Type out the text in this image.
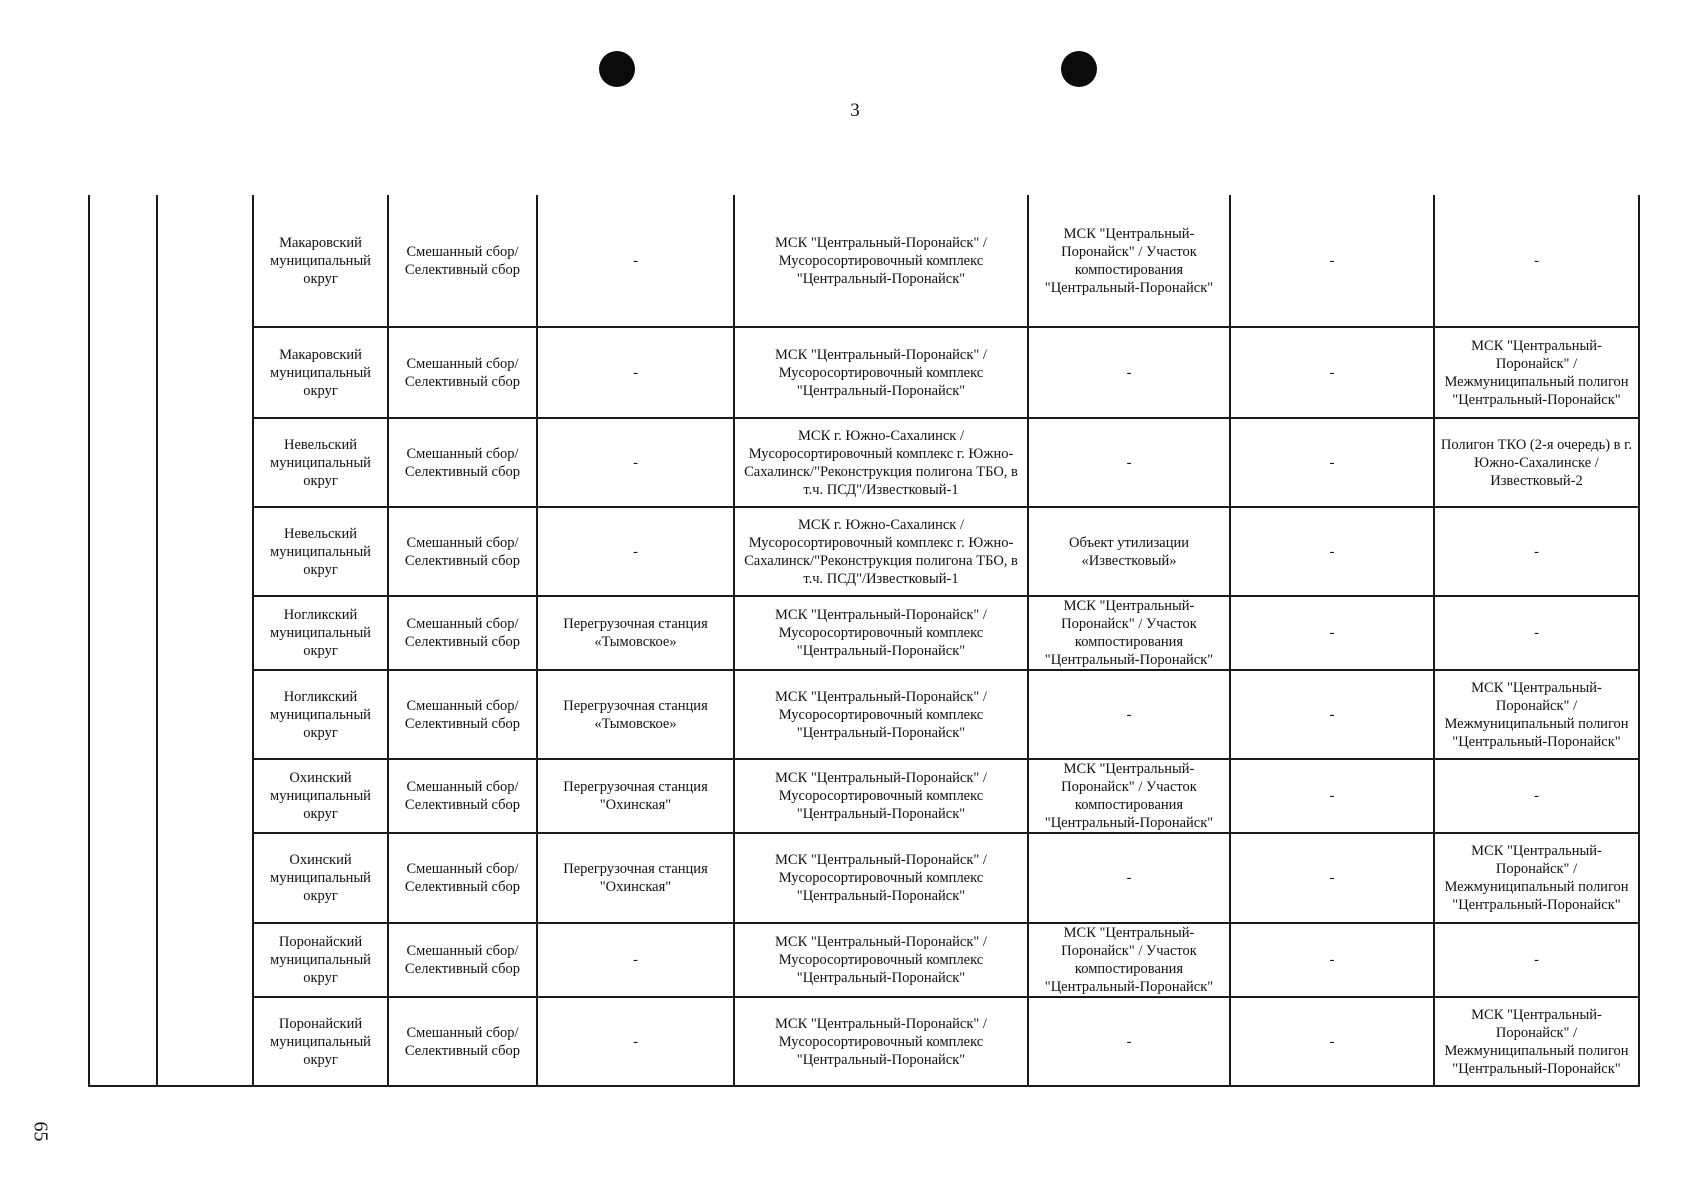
3
65

		Макаровский муниципальный округ	Смешанный сбор/ Селективный сбор	-	МСК "Центральный-Поронайск" / Мусоросортировочный комплекс "Центральный-Поронайск"	МСК "Центральный-Поронайск" / Участок компостирования "Центральный-Поронайск"	-	-

		Макаровский муниципальный округ	Смешанный сбор/ Селективный сбор	-	МСК "Центральный-Поронайск" / Мусоросортировочный комплекс "Центральный-Поронайск"	-	-	МСК "Центральный-Поронайск" / Межмуниципальный полигон "Центральный-Поронайск"

		Невельский муниципальный округ	Смешанный сбор/ Селективный сбор	-	МСК г. Южно-Сахалинск / Мусоросортировочный комплекс г. Южно-Сахалинск/"Реконструкция полигона ТБО, в т.ч. ПСД"/Известковый-1	-	-	Полигон ТКО (2-я очередь) в г. Южно-Сахалинске / Известковый-2

		Невельский муниципальный округ	Смешанный сбор/ Селективный сбор	-	МСК г. Южно-Сахалинск / Мусоросортировочный комплекс г. Южно-Сахалинск/"Реконструкция полигона ТБО, в т.ч. ПСД"/Известковый-1	Объект утилизации «Известковый»	-	-

		Ногликский муниципальный округ	Смешанный сбор/ Селективный сбор	Перегрузочная станция «Тымовское»	МСК "Центральный-Поронайск" / Мусоросортировочный комплекс "Центральный-Поронайск"	МСК "Центральный-Поронайск" / Участок компостирования "Центральный-Поронайск"	-	-

		Ногликский муниципальный округ	Смешанный сбор/ Селективный сбор	Перегрузочная станция «Тымовское»	МСК "Центральный-Поронайск" / Мусоросортировочный комплекс "Центральный-Поронайск"	-	-	МСК "Центральный-Поронайск" / Межмуниципальный полигон "Центральный-Поронайск"

		Охинский муниципальный округ	Смешанный сбор/ Селективный сбор	Перегрузочная станция "Охинская"	МСК "Центральный-Поронайск" / Мусоросортировочный комплекс "Центральный-Поронайск"	МСК "Центральный-Поронайск" / Участок компостирования "Центральный-Поронайск"	-	-

		Охинский муниципальный округ	Смешанный сбор/ Селективный сбор	Перегрузочная станция "Охинская"	МСК "Центральный-Поронайск" / Мусоросортировочный комплекс "Центральный-Поронайск"	-	-	МСК "Центральный-Поронайск" / Межмуниципальный полигон "Центральный-Поронайск"

		Поронайский муниципальный округ	Смешанный сбор/ Селективный сбор	-	МСК "Центральный-Поронайск" / Мусоросортировочный комплекс "Центральный-Поронайск"	МСК "Центральный-Поронайск" / Участок компостирования "Центральный-Поронайск"	-	-

		Поронайский муниципальный округ	Смешанный сбор/ Селективный сбор	-	МСК "Центральный-Поронайск" / Мусоросортировочный комплекс "Центральный-Поронайск"	-	-	МСК "Центральный-Поронайск" / Межмуниципальный полигон "Центральный-Поронайск"
